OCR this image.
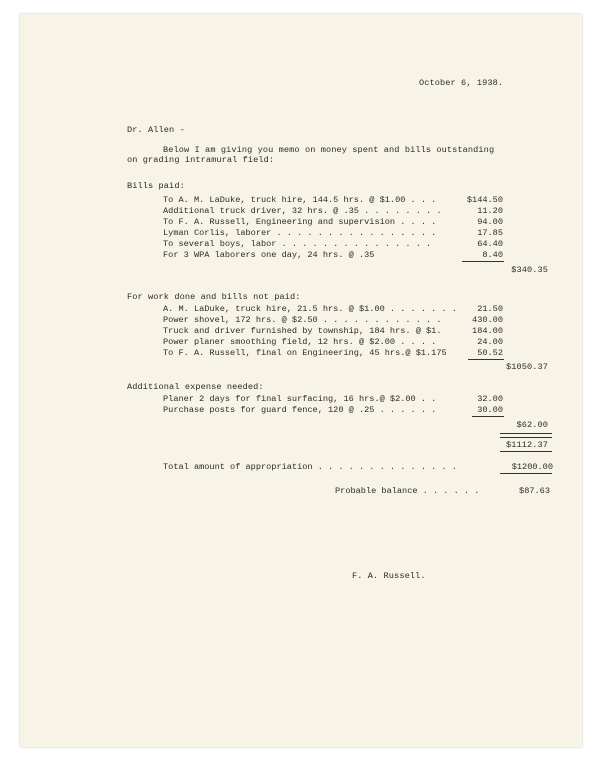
October 6, 1938.
Dr. Allen -
Below I am giving you memo on money spent and bills outstanding
on grading intramural field:
Bills paid:
To A. M. LaDuke, truck hire, 144.5 hrs. @ $1.00 . . .	$144.50
Additional truck driver, 32 hrs. @ .35 . . . . . . . .	11.20
To F. A. Russell, Engineering and supervision . . . .	94.00
Lyman Corlis, laborer . . . . . . . . . . . . . . . .	17.85
To several boys, labor . . . . . . . . . . . . . . .	64.40
For 3 WPA laborers one day, 24 hrs. @ .35	8.40
$340.35
For work done and bills not paid:
A. M. LaDuke, truck hire, 21.5 hrs. @ $1.00 . . . . . . . 21.50
Power shovel, 172 hrs. @ $2.50 . . . . . . . . . . . .	430.00
Truck and driver furnished by township, 184 hrs. @ $1.	184.00
Power planer smoothing field, 12 hrs. @ $2.00 . . . .	24.00
To F. A. Russell, final on Engineering, 45 hrs.@ $1.175	50.52
$1050.37
Additional expense needed:
Planer 2 days for final surfacing, 16 hrs.@ $2.00 . .	32.00
Purchase posts for guard fence, 120 @ .25 . . . . . .	30.00
$62.00
$1112.37
Total amount of appropriation . . . . . . . . . . . . . .	$1200.00
Probable balance . . . . . .	$87.63
F. A. Russell.
